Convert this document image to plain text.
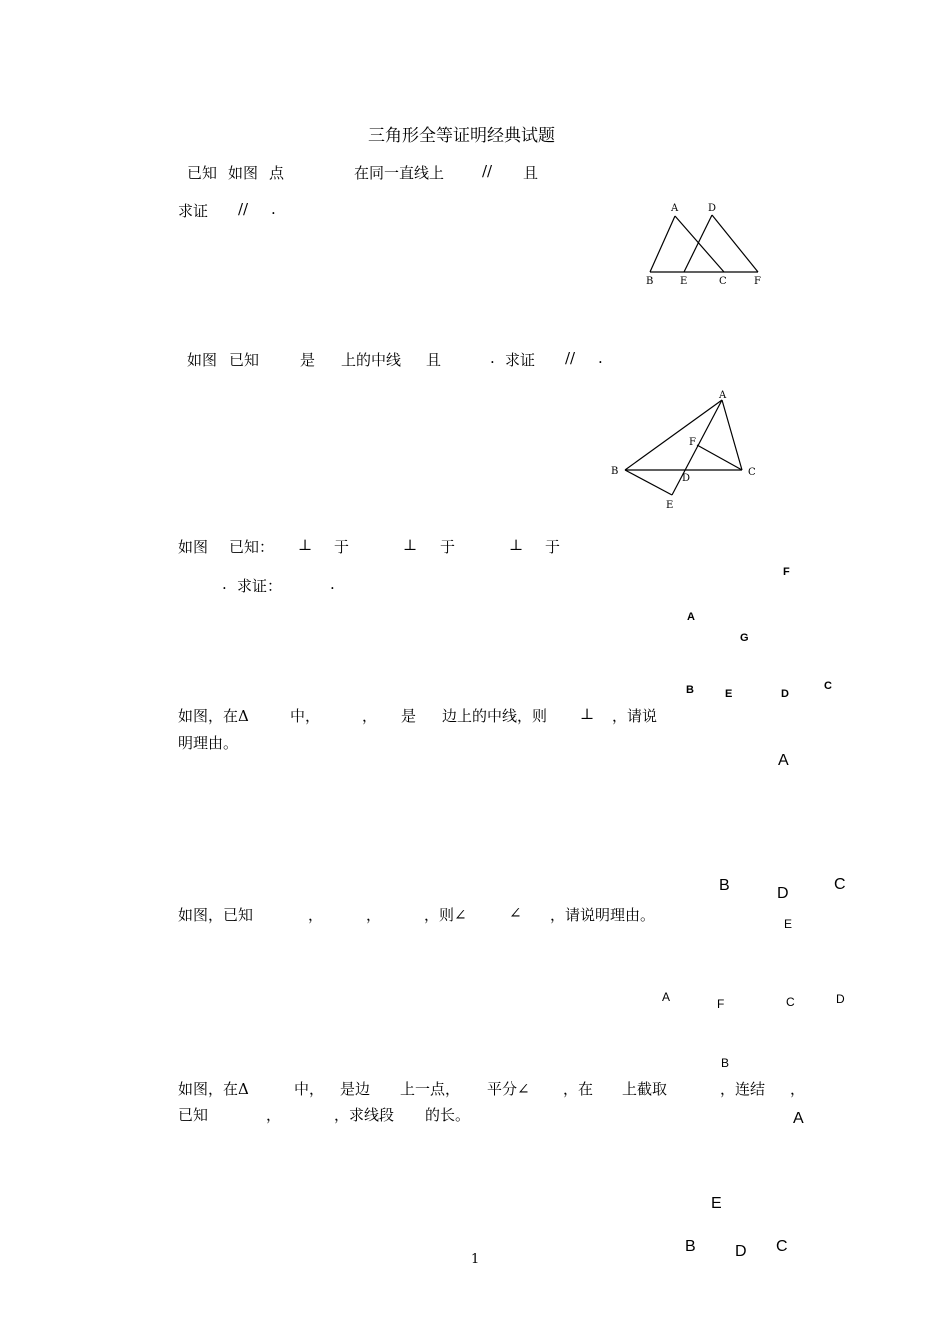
三角形全等证明经典试题
已知 如图 点	在同一直线上	// 且
求证 // .	A	D
B	E	C	F
如图 已知	是 上的中线 且	. 求证 // .
A
F
B
D
C
E
如图 已知： ⊥ 于	⊥ 于	⊥ 于
. 求证：	.
F
A
G
B	E	D
C
如图，在Δ	中，	， 是 边上的中线，则 ⊥ ，请说
明理由。
A
B	D
C
如图，已知	，	，	，则∠	∠ ，请说明理由。	E
A	F	C	D
B
如图，在Δ	中， 是边 上一点， 平分∠ ，在 上截取	，连结 ，
已知	，	，求线段 的长。	A
E
B D C
1
